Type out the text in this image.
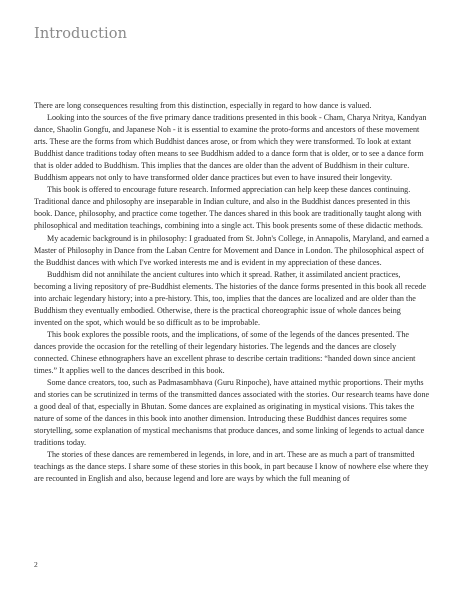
Introduction

There are long consequences resulting from this distinction, especially in regard to how dance is valued.

Looking into the sources of the five primary dance traditions presented in this book - Cham, Charya Nritya, Kandyan dance, Shaolin Gongfu, and Japanese Noh - it is essential to examine the proto-forms and ancestors of these movement arts. These are the forms from which Buddhist dances arose, or from which they were transformed. To look at extant Buddhist dance traditions today often means to see Buddhism added to a dance form that is older, or to see a dance form that is older added to Buddhism. This implies that the dances are older than the advent of Buddhism in their culture. Buddhism appears not only to have transformed older dance practices but even to have insured their longevity.

This book is offered to encourage future research. Informed appreciation can help keep these dances continuing. Traditional dance and philosophy are inseparable in Indian culture, and also in the Buddhist dances presented in this book. Dance, philosophy, and practice come together. The dances shared in this book are traditionally taught along with philosophical and meditation teachings, combining into a single act. This book presents some of these didactic methods.

My academic background is in philosophy: I graduated from St. John's College, in Annapolis, Maryland, and earned a Master of Philosophy in Dance from the Laban Centre for Movement and Dance in London. The philosophical aspect of the Buddhist dances with which I've worked interests me and is evident in my appreciation of these dances.

Buddhism did not annihilate the ancient cultures into which it spread. Rather, it assimilated ancient practices, becoming a living repository of pre-Buddhist elements. The histories of the dance forms presented in this book all recede into archaic legendary history; into a pre-history. This, too, implies that the dances are localized and are older than the Buddhism they eventually embodied. Otherwise, there is the practical choreographic issue of whole dances being invented on the spot, which would be so difficult as to be improbable.

This book explores the possible roots, and the implications, of some of the legends of the dances presented. The dances provide the occasion for the retelling of their legendary histories. The legends and the dances are closely connected. Chinese ethnographers have an excellent phrase to describe certain traditions: “handed down since ancient times.” It applies well to the dances described in this book.

Some dance creators, too, such as Padmasambhava (Guru Rinpoche), have attained mythic proportions. Their myths and stories can be scrutinized in terms of the transmitted dances associated with the stories. Our research teams have done a good deal of that, especially in Bhutan. Some dances are explained as originating in mystical visions. This takes the nature of some of the dances in this book into another dimension. Introducing these Buddhist dances requires some storytelling, some explanation of mystical mechanisms that produce dances, and some linking of legends to actual dance traditions today.

The stories of these dances are remembered in legends, in lore, and in art. These are as much a part of transmitted teachings as the dance steps. I share some of these stories in this book, in part because I know of nowhere else where they are recounted in English and also, because legend and lore are ways by which the full meaning of

2
